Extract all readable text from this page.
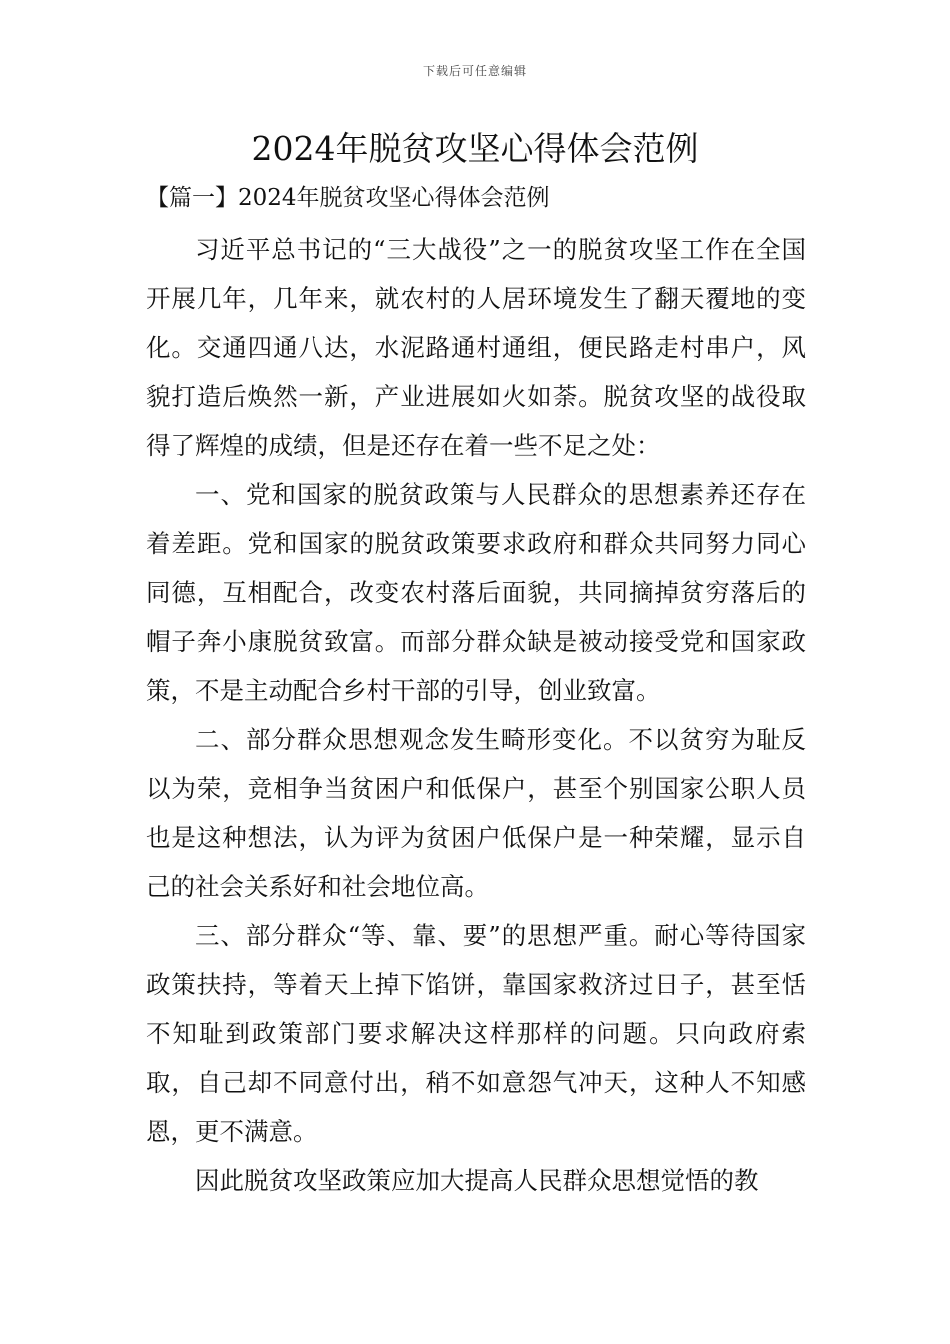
下载后可任意编辑
2024年脱贫攻坚心得体会范例
【篇一】2024年脱贫攻坚心得体会范例

习近平总书记的“三大战役”之一的脱贫攻坚工作在全国开展几年，几年来，就农村的人居环境发生了翻天覆地的变化。交通四通八达，水泥路通村通组，便民路走村串户，风貌打造后焕然一新，产业进展如火如荼。脱贫攻坚的战役取得了辉煌的成绩，但是还存在着一些不足之处：

一、党和国家的脱贫政策与人民群众的思想素养还存在着差距。党和国家的脱贫政策要求政府和群众共同努力同心同德，互相配合，改变农村落后面貌，共同摘掉贫穷落后的帽子奔小康脱贫致富。而部分群众缺是被动接受党和国家政策，不是主动配合乡村干部的引导，创业致富。

二、部分群众思想观念发生畸形变化。不以贫穷为耻反以为荣，竞相争当贫困户和低保户，甚至个别国家公职人员也是这种想法，认为评为贫困户低保户是一种荣耀，显示自己的社会关系好和社会地位高。

三、部分群众“等、靠、要”的思想严重。耐心等待国家政策扶持，等着天上掉下馅饼，靠国家救济过日子，甚至恬不知耻到政策部门要求解决这样那样的问题。只向政府索取，自己却不同意付出，稍不如意怨气冲天，这种人不知感恩，更不满意。

因此脱贫攻坚政策应加大提高人民群众思想觉悟的教
